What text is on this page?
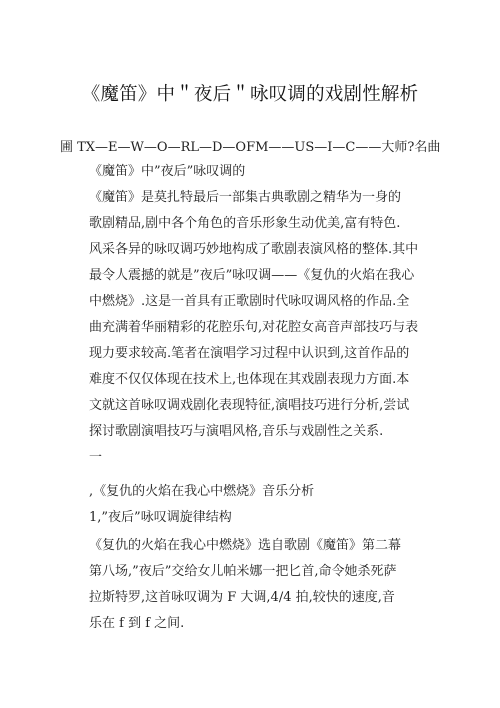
《魔笛》中＂夜后＂咏叹调的戏剧性解析
圃 TX—E—W—O—RL—D—OFM——US—I—C——大师?名曲
《魔笛》中”夜后”咏叹调的
《魔笛》是莫扎特最后一部集古典歌剧之精华为一身的
歌剧精品,剧中各个角色的音乐形象生动优美,富有特色.
风采各异的咏叹调巧妙地构成了歌剧表演风格的整体.其中
最令人震撼的就是”夜后”咏叹调——《复仇的火焰在我心
中燃烧》.这是一首具有正歌剧时代咏叹调风格的作品.全
曲充满着华丽精彩的花腔乐句,对花腔女高音声部技巧与表
现力要求较高.笔者在演唱学习过程中认识到,这首作品的
难度不仅仅体现在技术上,也体现在其戏剧表现力方面.本
文就这首咏叹调戏剧化表现特征,演唱技巧进行分析,尝试
探讨歌剧演唱技巧与演唱风格,音乐与戏剧性之关系.
一
,《复仇的火焰在我心中燃烧》音乐分析
1,”夜后”咏叹调旋律结构
《复仇的火焰在我心中燃烧》选自歌剧《魔笛》第二幕
第八场,”夜后”交给女儿帕米娜一把匕首,命令她杀死萨
拉斯特罗,这首咏叹调为 F 大调,4/4 拍,较快的速度,音
乐在 f 到 f 之间.
